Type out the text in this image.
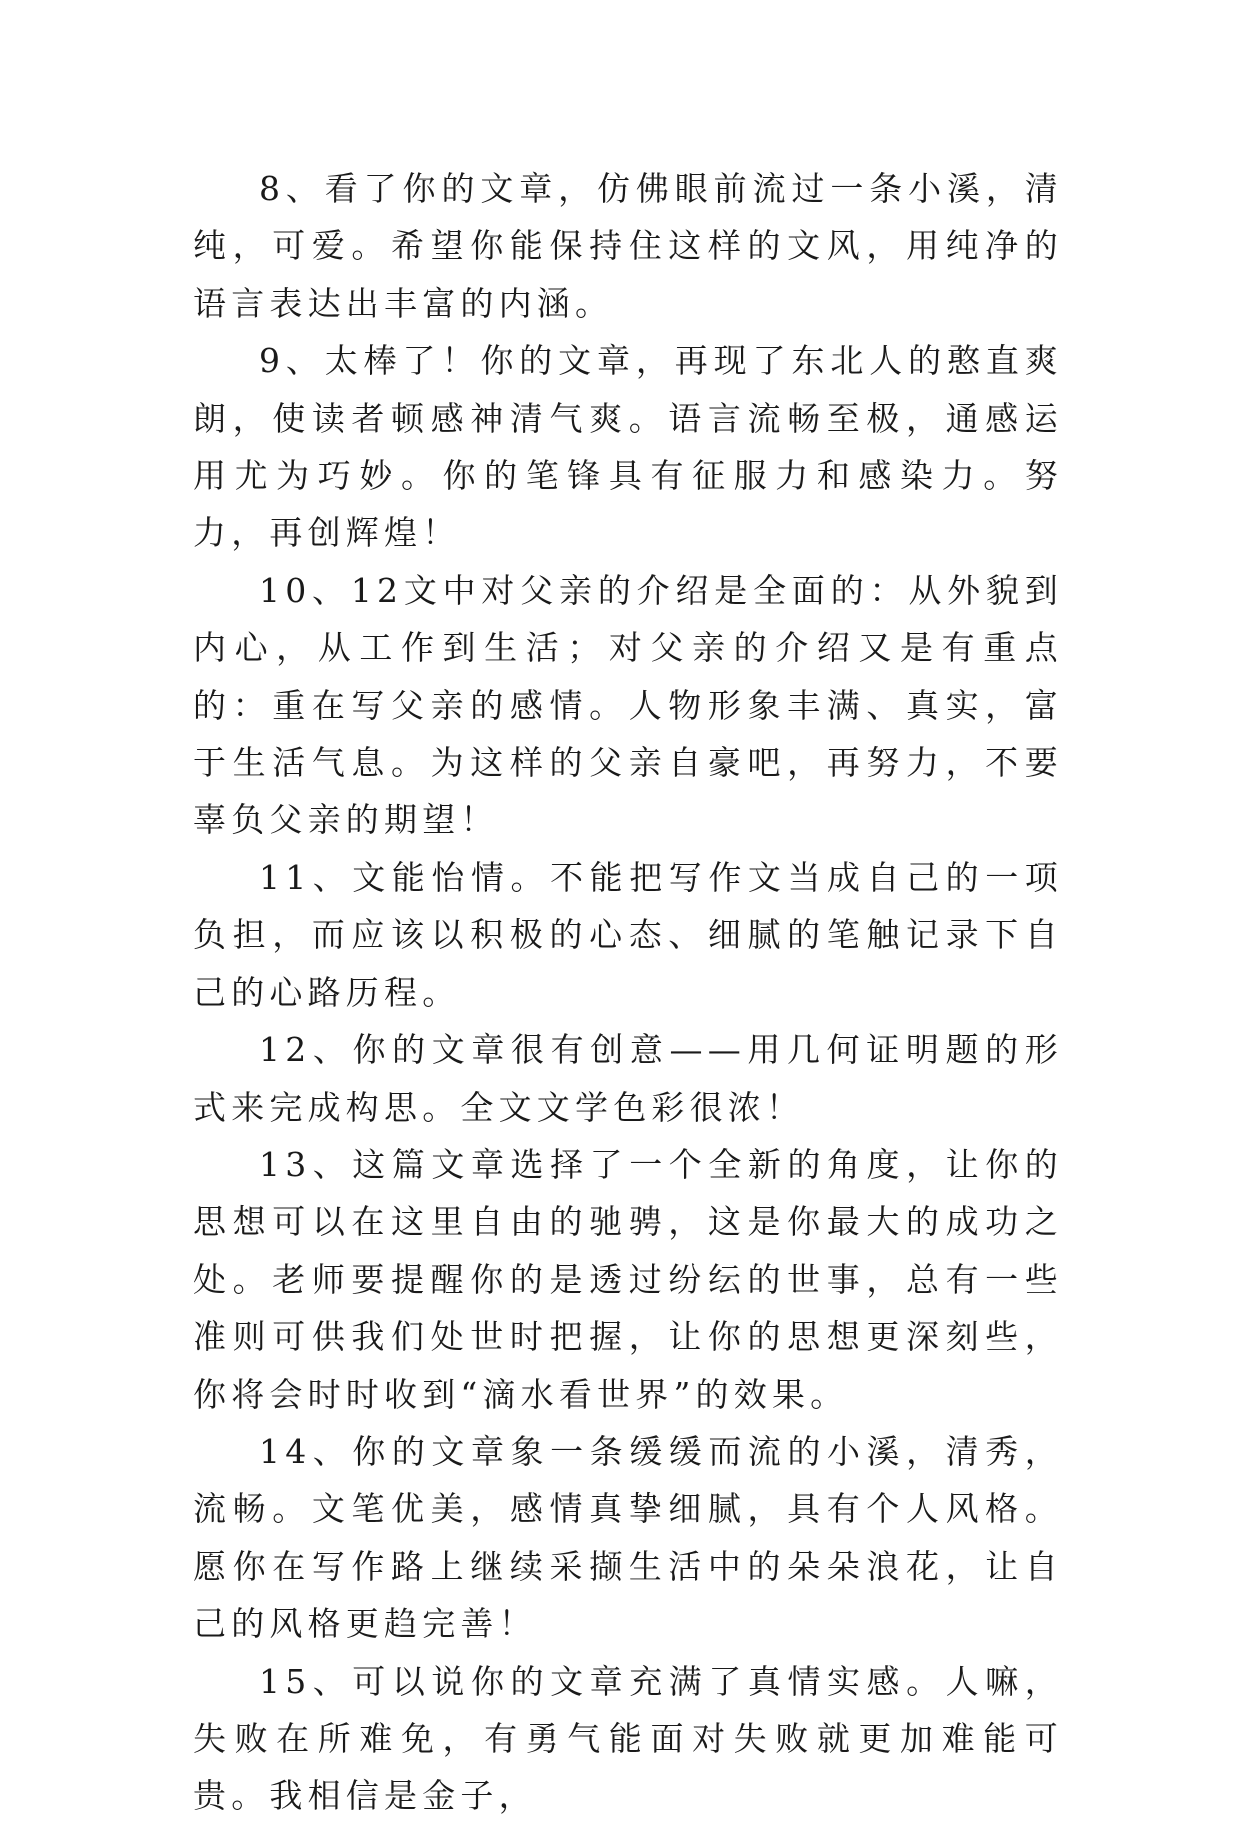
8、看了你的文章，仿佛眼前流过一条小溪，清纯，可爱。希望你能保持住这样的文风，用纯净的语言表达出丰富的内涵。

9、太棒了！你的文章，再现了东北人的憨直爽朗，使读者顿感神清气爽。语言流畅至极，通感运用尤为巧妙。你的笔锋具有征服力和感染力。努力，再创辉煌！

10、12文中对父亲的介绍是全面的：从外貌到内心，从工作到生活；对父亲的介绍又是有重点的：重在写父亲的感情。人物形象丰满、真实，富于生活气息。为这样的父亲自豪吧，再努力，不要辜负父亲的期望！

11、文能怡情。不能把写作文当成自己的一项负担，而应该以积极的心态、细腻的笔触记录下自己的心路历程。

12、你的文章很有创意——用几何证明题的形式来完成构思。全文文学色彩很浓！

13、这篇文章选择了一个全新的角度，让你的思想可以在这里自由的驰骋，这是你最大的成功之处。老师要提醒你的是透过纷纭的世事，总有一些准则可供我们处世时把握，让你的思想更深刻些，你将会时时收到“滴水看世界”的效果。

14、你的文章象一条缓缓而流的小溪，清秀，流畅。文笔优美，感情真挚细腻，具有个人风格。愿你在写作路上继续采撷生活中的朵朵浪花，让自己的风格更趋完善！

15、可以说你的文章充满了真情实感。人嘛，失败在所难免，有勇气能面对失败就更加难能可贵。我相信是金子，
